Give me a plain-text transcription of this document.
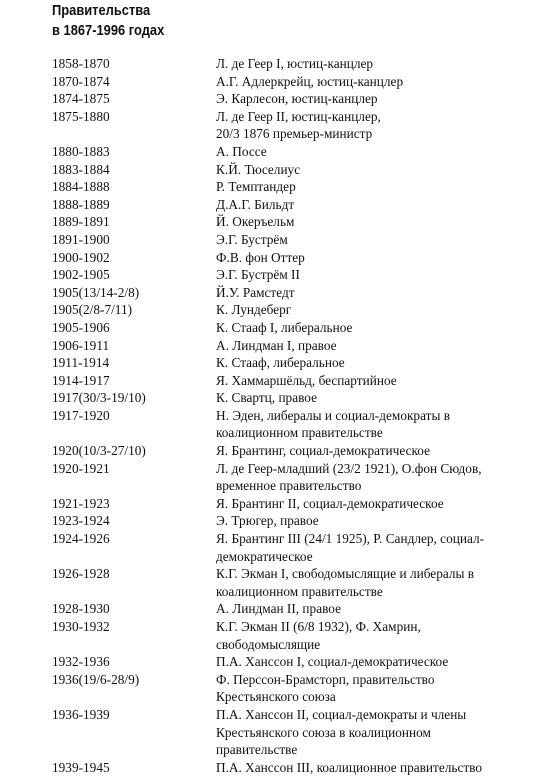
Правительства
в 1867-1996 годах
1858-1870	Л. де Геер I, юстиц-канцлер
1870-1874	А.Г. Адлеркрейц, юстиц-канцлер
1874-1875	Э. Карлесон, юстиц-канцлер
1875-1880	Л. де Геер II, юстиц-канцлер,
20/3 1876 премьер-министр
1880-1883	А. Поссе
1883-1884	К.Й. Тюселиус
1884-1888	Р. Темптандер
1888-1889	Д.А.Г. Бильдт
1889-1891	Й. Океръельм
1891-1900	Э.Г. Бустрём
1900-1902	Ф.В. фон Оттер
1902-1905	Э.Г. Бустрём II
1905(13/14-2/8)	Й.У. Рамстедт
1905(2/8-7/11)	К. Лундеберг
1905-1906	К. Стааф I, либеральное
1906-1911	А. Линдман I, правое
1911-1914	К. Стааф, либеральное
1914-1917	Я. Хаммаршёльд, беспартийное
1917(30/3-19/10)	К. Свартц, правое
1917-1920	Н. Эден, либералы и социал-демократы в
коалиционном правительстве
1920(10/3-27/10)	Я. Брантинг, социал-демократическое
1920-1921	Л. де Геер-младший (23/2 1921), О.фон Сюдов,
временное правительство
1921-1923	Я. Брантинг II, социал-демократическое
1923-1924	Э. Трюгер, правое
1924-1926	Я. Брантинг III (24/1 1925), Р. Сандлер, социал-
демократическое
1926-1928	К.Г. Экман I, свободомыслящие и либералы в
коалиционном правительстве
1928-1930	А. Линдман II, правое
1930-1932	К.Г. Экман II (6/8 1932), Ф. Хамрин,
свободомыслящие
1932-1936	П.А. Ханссон I, социал-демократическое
1936(19/6-28/9)	Ф. Перссон-Брамсторп, правительство
Крестьянского союза
1936-1939	П.А. Ханссон II, социал-демократы и члены
Крестьянского союза в коалиционном
правительстве
1939-1945	П.А. Ханссон III, коалиционное правительство
